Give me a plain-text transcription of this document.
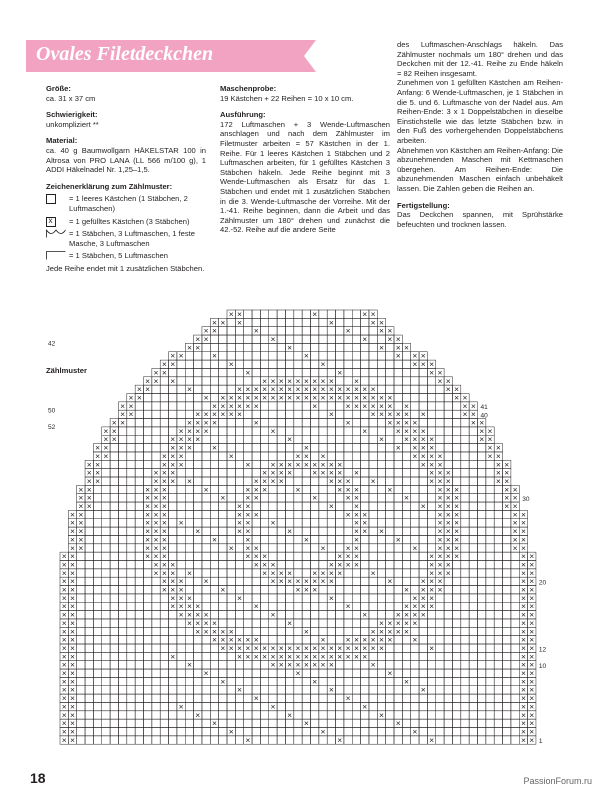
Ovales Filetdeckchen
Größe:
ca. 31 x 37 cm
Schwierigkeit:
unkompliziert **
Material:

ca. 40 g Baumwollgarn HÄKELSTAR 100 in Altrosa von PRO LANA (LL 566 m/100 g), 1 ADDI Häkelnadel Nr. 1,25–1,5.

Zeichenerklärung zum Zählmuster:
= 1 leeres Kästchen (1 Stäbchen, 2 Luftmaschen)
x
= 1 gefülltes Kästchen (3 Stäbchen)
= 1 Stäbchen, 3 Luftmaschen, 1 feste Masche, 3 Luftmaschen
= 1 Stäbchen, 5 Luftmaschen
Jede Reihe endet mit 1 zusätzlichen Stäbchen.
Maschenprobe:
19 Kästchen + 22 Reihen = 10 x 10 cm.
Ausführung:

172 Luftmaschen + 3 Wende-Luftmaschen anschlagen und nach dem Zählmuster im Filetmuster arbeiten = 57 Kästchen in der 1. Reihe. Für 1 leeres Kästchen 1 Stäbchen und 2 Luftmaschen arbeiten, für 1 gefülltes Kästchen 3 Stäbchen häkeln. Jede Reihe beginnt mit 3 Wende-Luftmaschen als Ersatz für das 1. Stäbchen und endet mit 1 zusätzlichen Stäbchen in die 3. Wende-Luftmasche der Vorreihe. Mit der 1.-41. Reihe beginnen, dann die Arbeit und das Zählmuster um 180° drehen und zunächst die 42.-52. Reihe auf die andere Seite

des Luftmaschen-Anschlags häkeln. Das Zählmuster nochmals um 180° drehen und das Deckchen mit der 12.-41. Reihe zu Ende häkeln = 82 Reihen insgesamt.

Zunehmen von 1 gefüllten Kästchen am Reihen-Anfang: 6 Wende-Luftmaschen, je 1 Stäbchen in die 5. und 6. Luftmasche von der Nadel aus. Am Reihen-Ende: 3 x 1 Doppelstäbchen in dieselbe Einstichstelle wie das letzte Stäbchen bzw. in den Fuß des vorhergehenden Doppelstäbchens arbeiten.

Abnehmen von Kästchen am Reihen-Anfang: Die abzunehmenden Maschen mit Kettmaschen übergehen. Am Reihen-Ende: Die abzunehmenden Maschen einfach unbehäkelt lassen. Die Zahlen geben die Reihen an.

Fertigstellung:

Das Deckchen spannen, mit Sprühstärke befeuchten und trocknen lassen.

Zählmuster
× ×	×	× ×
× × ×	×	× ×
× ×	×	×	× ×
× ×	×	× × ×
× ×	×	× × ×
× ×	×	×	× × ×
× ×	×	×	× × ×
× ×	×	×	× ×
× × ×	× × × × × × × × × ×	× ×
× ×	×	× × × × × × × × × × × × × × × × ×	× ×
× ×	× × × × × × × × × × × × × × × × × × × × × ×	× ×
× ×	× × × × × ×	×	× × × × × × ×	× ×
× ×	× × × × × ×	×	× × × × × ×	× ×
× ×	× × × ×	×	×	× × × ×	× ×
× ×	× × × ×	×	×	× × × ×	× ×
× ×	× × × ×	×	× × × × ×	× ×
× ×	× × × ×	×	× × × ×	× ×
× ×	× × ×	×	× × ×	× × × ×	× ×
× ×	× × ×	× × × × × × × × × ×	× × ×	× ×
× ×	× × ×	× × × × × × × × ×	× × ×	× ×
× ×	× × × ×	× × × ×	× × × ×	× × ×	× ×
× ×	× × ×	×	× × ×	×	× × ×	×	× × ×	× ×
× ×	× × ×	× × ×	×	× ×	×	× × ×	× ×
× ×	× × ×	× ×	× ×	× × × ×	× ×
× ×	× × ×	× × ×	× × ×	× × ×	× ×
× ×	× × × ×	× × ×	× ×	× × ×	× ×
× ×	× × ×	×	× ×	×	× × ×	× × ×	× ×
× ×	× × ×	×	×	×	×	×	× × ×	× ×
× ×	× × ×	× × ×	× × ×	× × × ×	× ×
× ×	× × ×	× × ×	× × ×	× × × ×	× ×
× ×	× × ×	× × ×	× × × ×	× × ×	× ×
× ×	× × × ×	× × × × × × × ×	×	× × ×	× ×
× ×	× × × ×	× × × × × × × ×	×	× × ×	× ×
× ×	× × ×	×	× × ×	× × × ×	× ×
× ×	× × ×	×	×	× × ×	× ×
× ×	× × × ×	×	×	× × × ×	× ×
× ×	× × × ×	×	×	× × × ×	× ×
× ×	× × × ×	×	× × × × ×	× ×
× ×	× × × × ×	×	× × × × ×	× ×
× ×	× × × × × ×	× × × × × × × ×	× ×
× ×	× × × × × × × × × × × × × × × × × × × ×	×	× ×
× ×	×	× × × × × × × × × × × × × × × ×	× ×
× ×	×	× × × × × × × ×	×	× ×
× ×	×	×	×	× ×
× ×	×	×	×	× ×
× ×	×	×	×	× ×
× ×	×	×	× ×
× ×	×	×	×	× ×
× ×	×	×	×	× ×
× ×	×	×	×	× ×
× ×	×	×	×	× ×
× ×	×	×	×	× ×
41
40
30
20
12
10
1
42
50
52
18	PassionForum.ru
